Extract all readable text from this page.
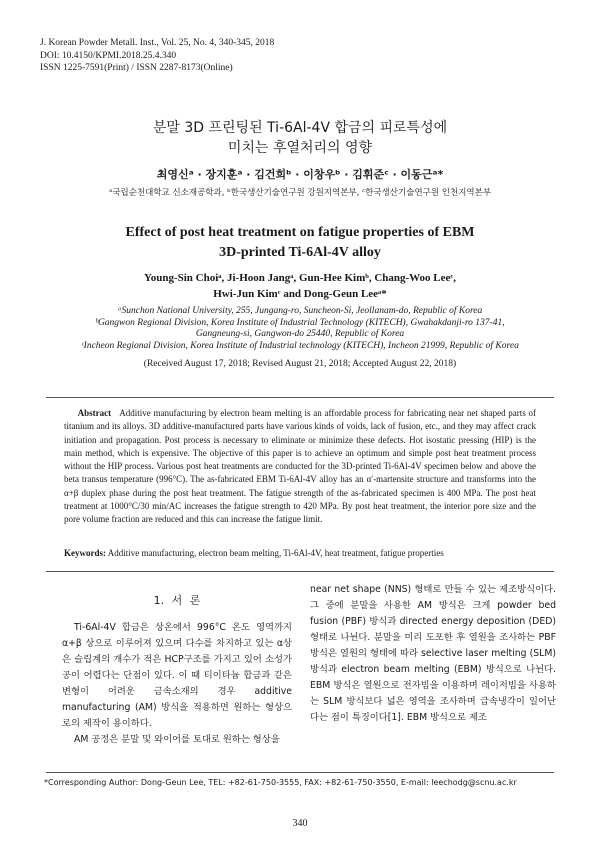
J. Korean Powder Metall. Inst., Vol. 25, No. 4, 340-345, 2018
DOI: 10.4150/KPMI.2018.25.4.340
ISSN 1225-7591(Print) / ISSN 2287-8173(Online)
분말 3D 프린팅된 Ti-6Al-4V 합금의 피로특성에
미치는 후열처리의 영향
최영신ᵃ · 장지훈ᵃ · 김건희ᵇ · 이창우ᵇ · 김휘준ᶜ · 이동근ᵃ*
ᵃ국립순천대학교 신소재공학과, ᵇ한국생산기술연구원 강원지역본부, ᶜ한국생산기술연구원 인천지역본부
Effect of post heat treatment on fatigue properties of EBM
3D-printed Ti-6Al-4V alloy
Young-Sin Choiᵃ, Ji-Hoon Jangᵃ, Gun-Hee Kimᵇ, Chang-Woo Leeᶜ,
Hwi-Jun Kimᶜ and Dong-Geun Leeᵃ*
ᵃSunchon National University, 255, Jungang-ro, Suncheon-Si, Jeollanam-do, Republic of Korea
ᵇGangwon Regional Division, Korea Institute of Industrial Technology (KITECH), Gwahakdanji-ro 137-41,
Gangneung-si, Gangwon-do 25440, Republic of Korea
ᶜIncheon Regional Division, Korea Institute of Industrial technology (KITECH), Incheon 21999, Republic of Korea
(Received August 17, 2018; Revised August 21, 2018; Accepted August 22, 2018)
Abstract Additive manufacturing by electron beam melting is an affordable process for fabricating near net shaped parts of titanium and its alloys. 3D additive-manufactured parts have various kinds of voids, lack of fusion, etc., and they may affect crack initiation and propagation. Post process is necessary to eliminate or minimize these defects. Hot isostatic pressing (HIP) is the main method, which is expensive. The objective of this paper is to achieve an optimum and simple post heat treatment process without the HIP process. Various post heat treatments are conducted for the 3D-printed Ti-6Al-4V specimen below and above the beta transus temperature (996°C). The as-fabricated EBM Ti-6Al-4V alloy has an α′-martensite structure and transforms into the α+β duplex phase during the post heat treatment. The fatigue strength of the as-fabricated specimen is 400 MPa. The post heat treatment at 1000°C/30 min/AC increases the fatigue strength to 420 MPa. By post heat treatment, the interior pore size and the pore volume fraction are reduced and this can increase the fatigue limit.
Keywords: Additive manufacturing, electron beam melting, Ti-6Al-4V, heat treatment, fatigue properties
1. 서 론

Ti-6Al-4V 합금은 상온에서 996°C 온도 영역까지 α+β 상으로 이루어져 있으며 다수를 차지하고 있는 α상은 슬립계의 개수가 적은 HCP구조를 가지고 있어 소성가공이 어렵다는 단점이 있다. 이 때 티이타늄 합금과 같은 변형이 어려운 금속소재의 경우 additive manufacturing (AM) 방식을 적용하면 원하는 형상으로의 제작이 용이하다.

AM 공정은 분말 및 와이어를 토대로 원하는 형상을

near net shape (NNS) 형태로 만들 수 있는 제조방식이다. 그 중에 분말을 사용한 AM 방식은 크게 powder bed fusion (PBF) 방식과 directed energy deposition (DED) 형태로 나뉜다. 분말을 미리 도포한 후 열원을 조사하는 PBF 방식은 열원의 형태에 따라 selective laser melting (SLM) 방식과 electron beam melting (EBM) 방식으로 나뉜다. EBM 방식은 열원으로 전자빔을 이용하며 레이저빔을 사용하는 SLM 방식보다 넓은 영역을 조사하며 급속냉각이 일어난다는 점이 특징이다[1]. EBM 방식으로 제조

*Corresponding Author: Dong-Geun Lee, TEL: +82-61-750-3555, FAX: +82-61-750-3550, E-mail: leechodg@scnu.ac.kr
340
